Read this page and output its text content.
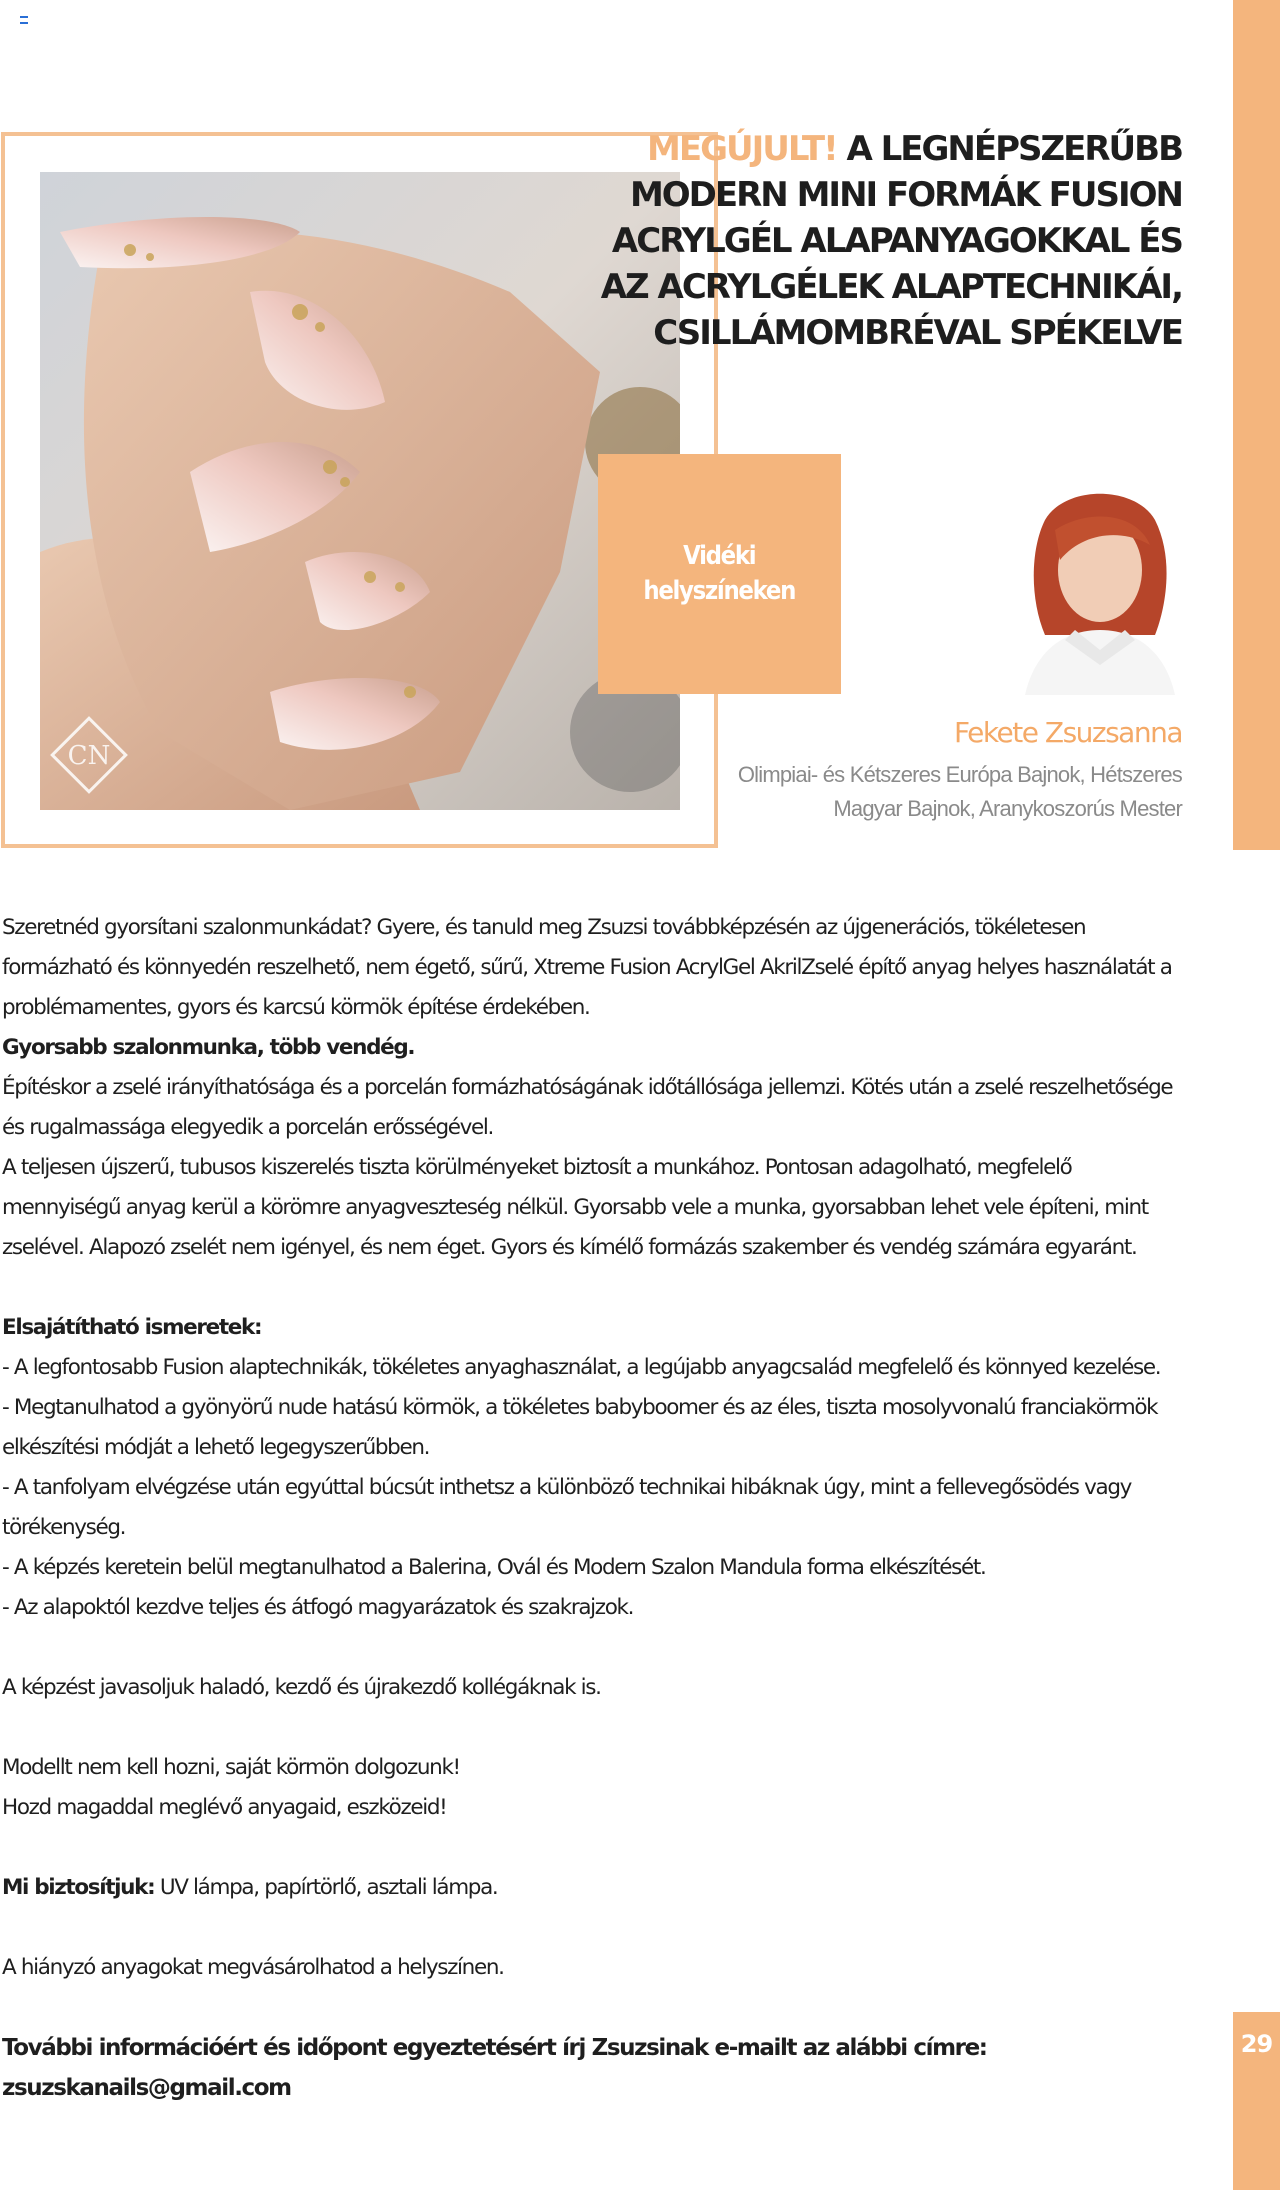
29
CN
Vidéki
helyszíneken
MEGÚJULT! A LEGNÉPSZERŰBB MODERN MINI FORMÁK FUSION ACRYLGÉL ALAPANYAGOKKAL ÉS AZ ACRYLGÉLEK ALAPTECHNIKÁI, CSILLÁMOMBRÉVAL SPÉKELVE
Fekete Zsuzsanna
Olimpiai- és Kétszeres Európa Bajnok, Hétszeres Magyar Bajnok, Aranykoszorús Mester

Szeretnéd gyorsítani szalonmunkádat? Gyere, és tanuld meg Zsuzsi továbbképzésén az újgenerációs, tökéletesen formázható és könnyedén reszelhető, nem égető, sűrű, Xtreme Fusion AcrylGel AkrilZselé építő anyag helyes használatát a problémamentes, gyors és karcsú körmök építése érdekében.

Gyorsabb szalonmunka, több vendég.

Építéskor a zselé irányíthatósága és a porcelán formázhatóságának időtállósága jellemzi. Kötés után a zselé reszelhetősége és rugalmassága elegyedik a porcelán erősségével.

A teljesen újszerű, tubusos kiszerelés tiszta körülményeket biztosít a munkához. Pontosan adagolható, megfelelő mennyiségű anyag kerül a körömre anyagveszteség nélkül. Gyorsabb vele a munka, gyorsabban lehet vele építeni, mint zselével. Alapozó zselét nem igényel, és nem éget. Gyors és kímélő formázás szakember és vendég számára egyaránt.

Elsajátítható ismeretek:

- A legfontosabb Fusion alaptechnikák, tökéletes anyaghasználat, a legújabb anyagcsalád megfelelő és könnyed kezelése.

- Megtanulhatod a gyönyörű nude hatású körmök, a tökéletes babyboomer és az éles, tiszta mosolyvonalú franciakörmök elkészítési módját a lehető legegyszerűbben.

- A tanfolyam elvégzése után egyúttal búcsút inthetsz a különböző technikai hibáknak úgy, mint a fellevegősödés vagy törékenység.

- A képzés keretein belül megtanulhatod a Balerina, Ovál és Modern Szalon Mandula forma elkészítését.

- Az alapoktól kezdve teljes és átfogó magyarázatok és szakrajzok.

A képzést javasoljuk haladó, kezdő és újrakezdő kollégáknak is.

Modellt nem kell hozni, saját körmön dolgozunk!

Hozd magaddal meglévő anyagaid, eszközeid!

Mi biztosítjuk: UV lámpa, papírtörlő, asztali lámpa.

A hiányzó anyagokat megvásárolhatod a helyszínen.

További információért és időpont egyeztetésért írj Zsuzsinak e-mailt az alábbi címre: zsuzskanails@gmail.com
